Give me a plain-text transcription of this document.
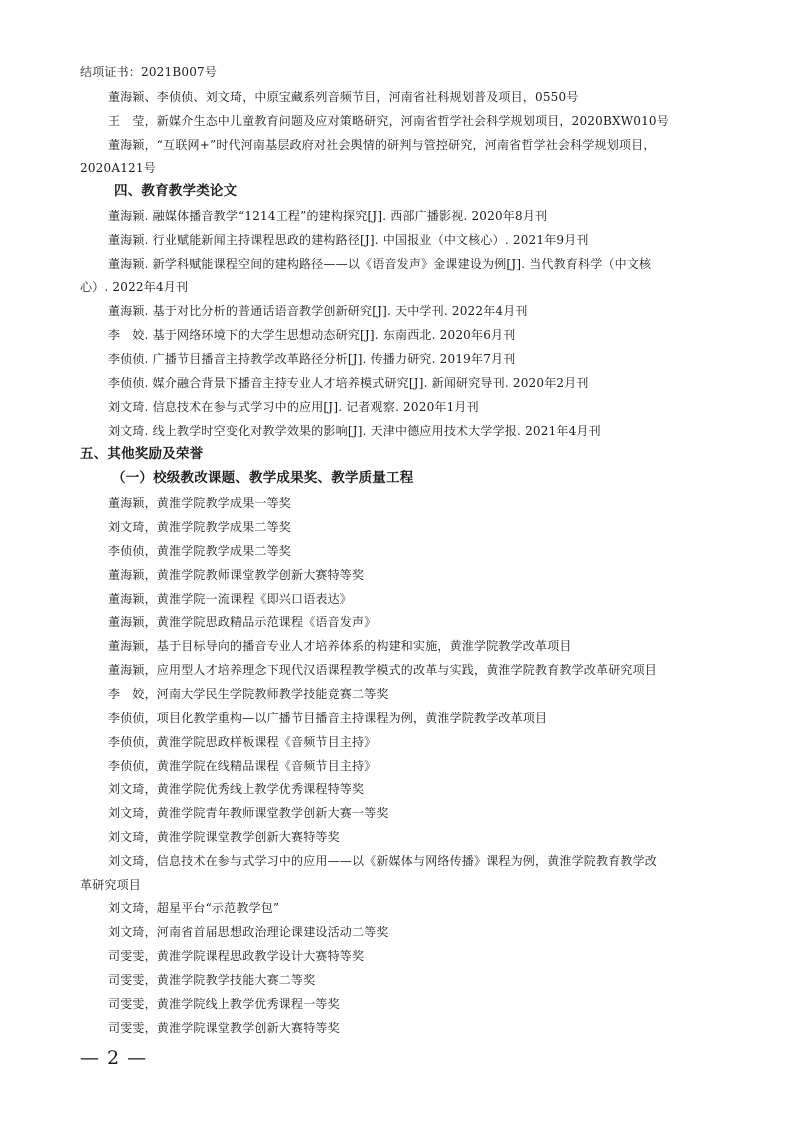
结项证书：2021B007号
董海颖、李侦侦、刘文琦，中原宝藏系列音频节目，河南省社科规划普及项目，0550号
王　莹，新媒介生态中儿童教育问题及应对策略研究，河南省哲学社会科学规划项目，2020BXW010号
董海颖，“互联网+”时代河南基层政府对社会舆情的研判与管控研究，河南省哲学社会科学规划项目，
2020A121号
四、教育教学类论文
董海颖. 融媒体播音教学“1214工程”的建构探究[J]. 西部广播影视. 2020年8月刊
董海颖. 行业赋能新闻主持课程思政的建构路径[J]. 中国报业（中文核心）. 2021年9月刊
董海颖. 新学科赋能课程空间的建构路径——以《语音发声》金课建设为例[J]. 当代教育科学（中文核
心）. 2022年4月刊
董海颖. 基于对比分析的普通话语音教学创新研究[J]. 天中学刊. 2022年4月刊
李　姣. 基于网络环境下的大学生思想动态研究[J]. 东南西北. 2020年6月刊
李侦侦. 广播节目播音主持教学改革路径分析[J]. 传播力研究. 2019年7月刊
李侦侦. 媒介融合背景下播音主持专业人才培养模式研究[J]. 新闻研究导刊. 2020年2月刊
刘文琦. 信息技术在参与式学习中的应用[J]. 记者观察. 2020年1月刊
刘文琦. 线上教学时空变化对教学效果的影响[J]. 天津中德应用技术大学学报. 2021年4月刊
五、其他奖励及荣誉
（一）校级教改课题、教学成果奖、教学质量工程
董海颖，黄淮学院教学成果一等奖
刘文琦，黄淮学院教学成果二等奖
李侦侦，黄淮学院教学成果二等奖
董海颖，黄淮学院教师课堂教学创新大赛特等奖
董海颖，黄淮学院一流课程《即兴口语表达》
董海颖，黄淮学院思政精品示范课程《语音发声》
董海颖，基于目标导向的播音专业人才培养体系的构建和实施，黄淮学院教学改革项目
董海颖，应用型人才培养理念下现代汉语课程教学模式的改革与实践，黄淮学院教育教学改革研究项目
李　姣，河南大学民生学院教师教学技能竞赛二等奖
李侦侦，项目化教学重构—以广播节目播音主持课程为例，黄淮学院教学改革项目
李侦侦，黄淮学院思政样板课程《音频节目主持》
李侦侦，黄淮学院在线精品课程《音频节目主持》
刘文琦，黄淮学院优秀线上教学优秀课程特等奖
刘文琦，黄淮学院青年教师课堂教学创新大赛一等奖
刘文琦，黄淮学院课堂教学创新大赛特等奖
刘文琦，信息技术在参与式学习中的应用——以《新媒体与网络传播》课程为例，黄淮学院教育教学改
革研究项目
刘文琦，超星平台“示范教学包”
刘文琦，河南省首届思想政治理论课建设活动二等奖
司雯雯，黄淮学院课程思政教学设计大赛特等奖
司雯雯，黄淮学院教学技能大赛二等奖
司雯雯，黄淮学院线上教学优秀课程一等奖
司雯雯，黄淮学院课堂教学创新大赛特等奖
— 2 —
